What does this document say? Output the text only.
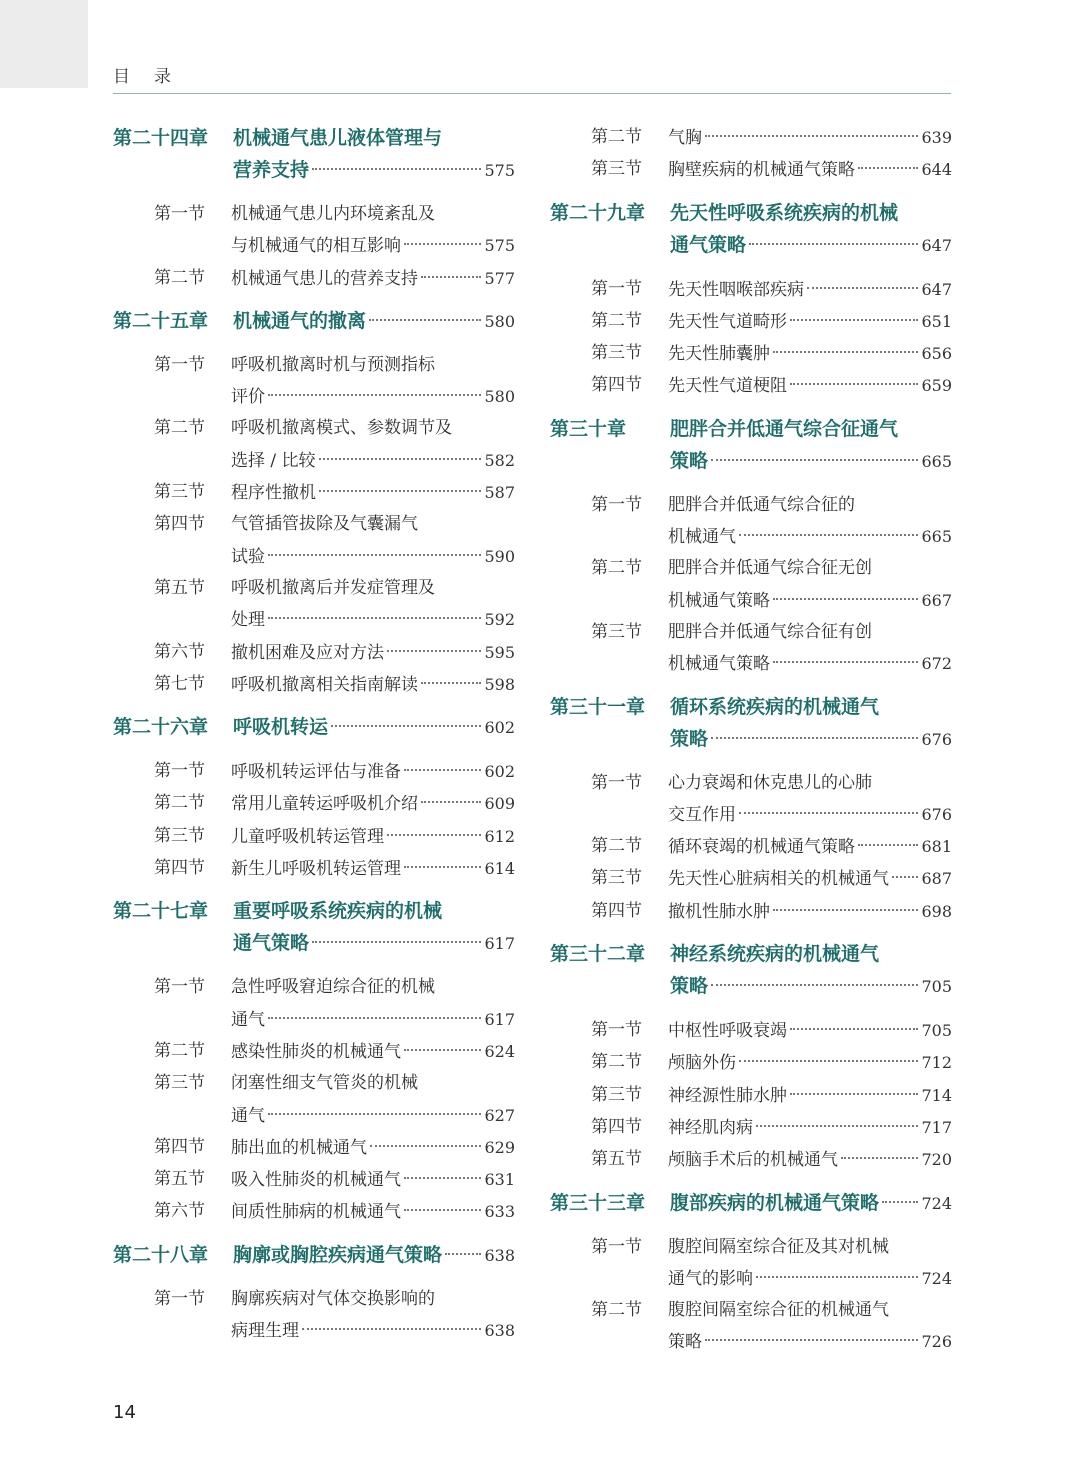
目录
第二十四章	机械通气患儿液体管理与
营养支持	575
第一节	机械通气患儿内环境紊乱及
与机械通气的相互影响	575
第二节	机械通气患儿的营养支持	577
第二十五章	机械通气的撤离	580
第一节	呼吸机撤离时机与预测指标
评价	580
第二节	呼吸机撤离模式、参数调节及
选择 / 比较	582
第三节	程序性撤机	587
第四节	气管插管拔除及气囊漏气
试验	590
第五节	呼吸机撤离后并发症管理及
处理	592
第六节	撤机困难及应对方法	595
第七节	呼吸机撤离相关指南解读	598
第二十六章	呼吸机转运	602
第一节	呼吸机转运评估与准备	602
第二节	常用儿童转运呼吸机介绍	609
第三节	儿童呼吸机转运管理	612
第四节	新生儿呼吸机转运管理	614
第二十七章	重要呼吸系统疾病的机械
通气策略	617
第一节	急性呼吸窘迫综合征的机械
通气	617
第二节	感染性肺炎的机械通气	624
第三节	闭塞性细支气管炎的机械
通气	627
第四节	肺出血的机械通气	629
第五节	吸入性肺炎的机械通气	631
第六节	间质性肺病的机械通气	633
第二十八章	胸廓或胸腔疾病通气策略	638
第一节	胸廓疾病对气体交换影响的
病理生理	638
第二节	气胸	639
第三节	胸壁疾病的机械通气策略	644
第二十九章	先天性呼吸系统疾病的机械
通气策略	647
第一节	先天性咽喉部疾病	647
第二节	先天性气道畸形	651
第三节	先天性肺囊肿	656
第四节	先天性气道梗阻	659
第三十章	肥胖合并低通气综合征通气
策略	665
第一节	肥胖合并低通气综合征的
机械通气	665
第二节	肥胖合并低通气综合征无创
机械通气策略	667
第三节	肥胖合并低通气综合征有创
机械通气策略	672
第三十一章	循环系统疾病的机械通气
策略	676
第一节	心力衰竭和休克患儿的心肺
交互作用	676
第二节	循环衰竭的机械通气策略	681
第三节	先天性心脏病相关的机械通气 687
第四节	撤机性肺水肿	698
第三十二章	神经系统疾病的机械通气
策略	705
第一节	中枢性呼吸衰竭	705
第二节	颅脑外伤	712
第三节	神经源性肺水肿	714
第四节	神经肌肉病	717
第五节	颅脑手术后的机械通气	720
第三十三章	腹部疾病的机械通气策略	724
第一节	腹腔间隔室综合征及其对机械
通气的影响	724
第二节	腹腔间隔室综合征的机械通气
策略	726
14
